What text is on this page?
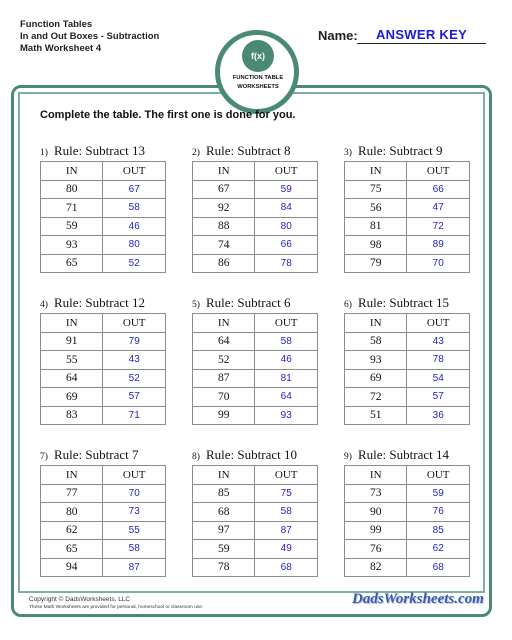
Function Tables
In and Out Boxes - Subtraction
Math Worksheet 4
Name:	ANSWER KEY
f(x)
FUNCTION TABLE
WORKSHEETS
Complete the table. The first one is done for you.
1) Rule: Subtract 13
IN	OUT
80	67
71	58
59	46
93	80
65	52
2) Rule: Subtract 8
IN	OUT
67	59
92	84
88	80
74	66
86	78
3) Rule: Subtract 9
IN	OUT
75	66
56	47
81	72
98	89
79	70
4) Rule: Subtract 12
IN	OUT
91	79
55	43
64	52
69	57
83	71
5) Rule: Subtract 6
IN	OUT
64	58
52	46
87	81
70	64
99	93
6) Rule: Subtract 15
IN	OUT
58	43
93	78
69	54
72	57
51	36
7) Rule: Subtract 7
IN	OUT
77	70
80	73
62	55
65	58
94	87
8) Rule: Subtract 10
IN	OUT
85	75
68	58
97	87
59	49
78	68
9) Rule: Subtract 14
IN	OUT
73	59
90	76
99	85
76	62
82	68
Copyright © DadsWorksheets, LLC
These Math Worksheets are provided for personal, homeschool or classroom use.
DadsWorksheets.com
